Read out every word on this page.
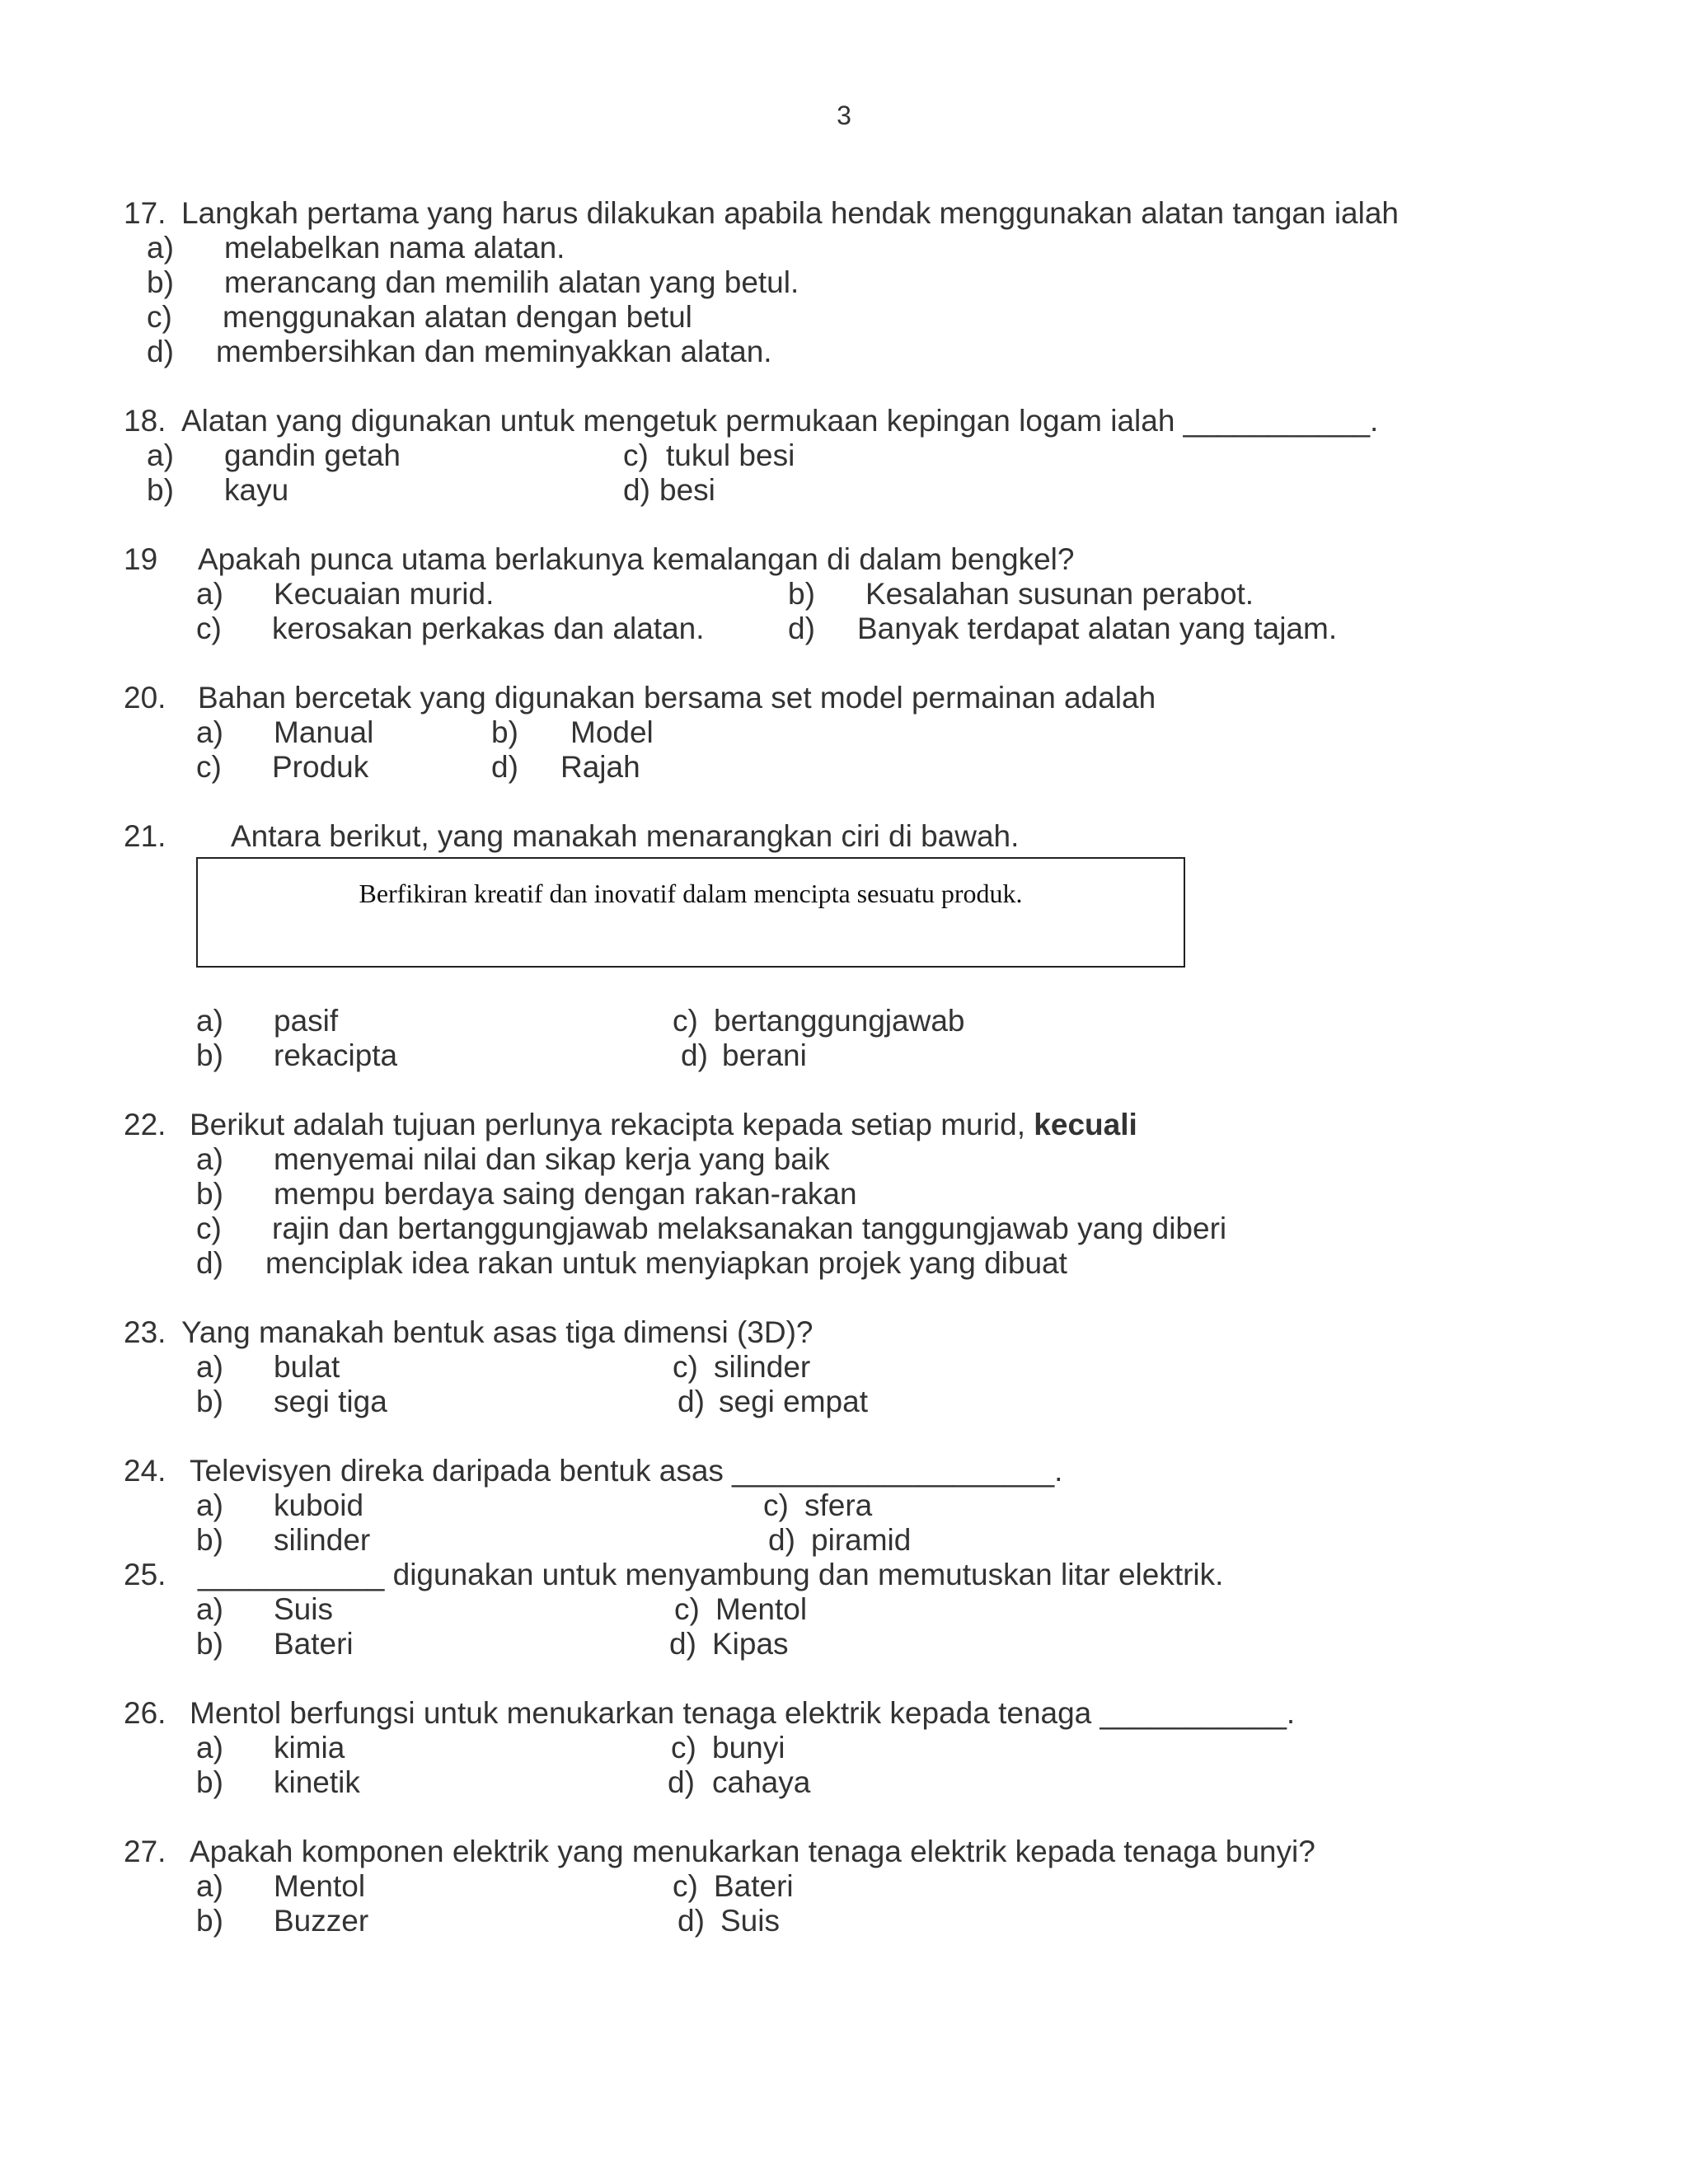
3
17. Langkah pertama yang harus dilakukan apabila hendak menggunakan alatan tangan ialah
a) melabelkan nama alatan.
b) merancang dan memilih alatan yang betul.
c) menggunakan alatan dengan betul
d) membersihkan dan meminyakkan alatan.
18. Alatan yang digunakan untuk mengetuk permukaan kepingan logam ialah ___________.
a) gandin getah
b) kayu
c) tukul besi
d) besi
19 Apakah punca utama berlakunya kemalangan di dalam bengkel?
a) Kecuaian murid.	b) Kesalahan susunan perabot.
c) kerosakan perkakas dan alatan.	d) Banyak terdapat alatan yang tajam.
20. Bahan bercetak yang digunakan bersama set model permainan adalah
a) Manual	b) Model
c) Produk	d) Rajah
21. Antara berikut, yang manakah menarangkan ciri di bawah.
Berfikiran kreatif dan inovatif dalam mencipta sesuatu produk.
a) pasif
b) rekacipta
c) bertanggungjawab
d) berani
22. Berikut adalah tujuan perlunya rekacipta kepada setiap murid, kecuali
a) menyemai nilai dan sikap kerja yang baik
b) mempu berdaya saing dengan rakan-rakan
c) rajin dan bertanggungjawab melaksanakan tanggungjawab yang diberi
d) menciplak idea rakan untuk menyiapkan projek yang dibuat
23. Yang manakah bentuk asas tiga dimensi (3D)?
a) bulat
b) segi tiga
c) silinder
d) segi empat
24. Televisyen direka daripada bentuk asas ___________________.
a) kuboid
b) silinder
c) sfera
d) piramid
25. ___________ digunakan untuk menyambung dan memutuskan litar elektrik.
a) Suis
b) Bateri
c) Mentol
d) Kipas
26. Mentol berfungsi untuk menukarkan tenaga elektrik kepada tenaga ___________.
a) kimia
b) kinetik
c) bunyi
d) cahaya
27. Apakah komponen elektrik yang menukarkan tenaga elektrik kepada tenaga bunyi?
a) Mentol
b) Buzzer
c) Bateri
d) Suis
